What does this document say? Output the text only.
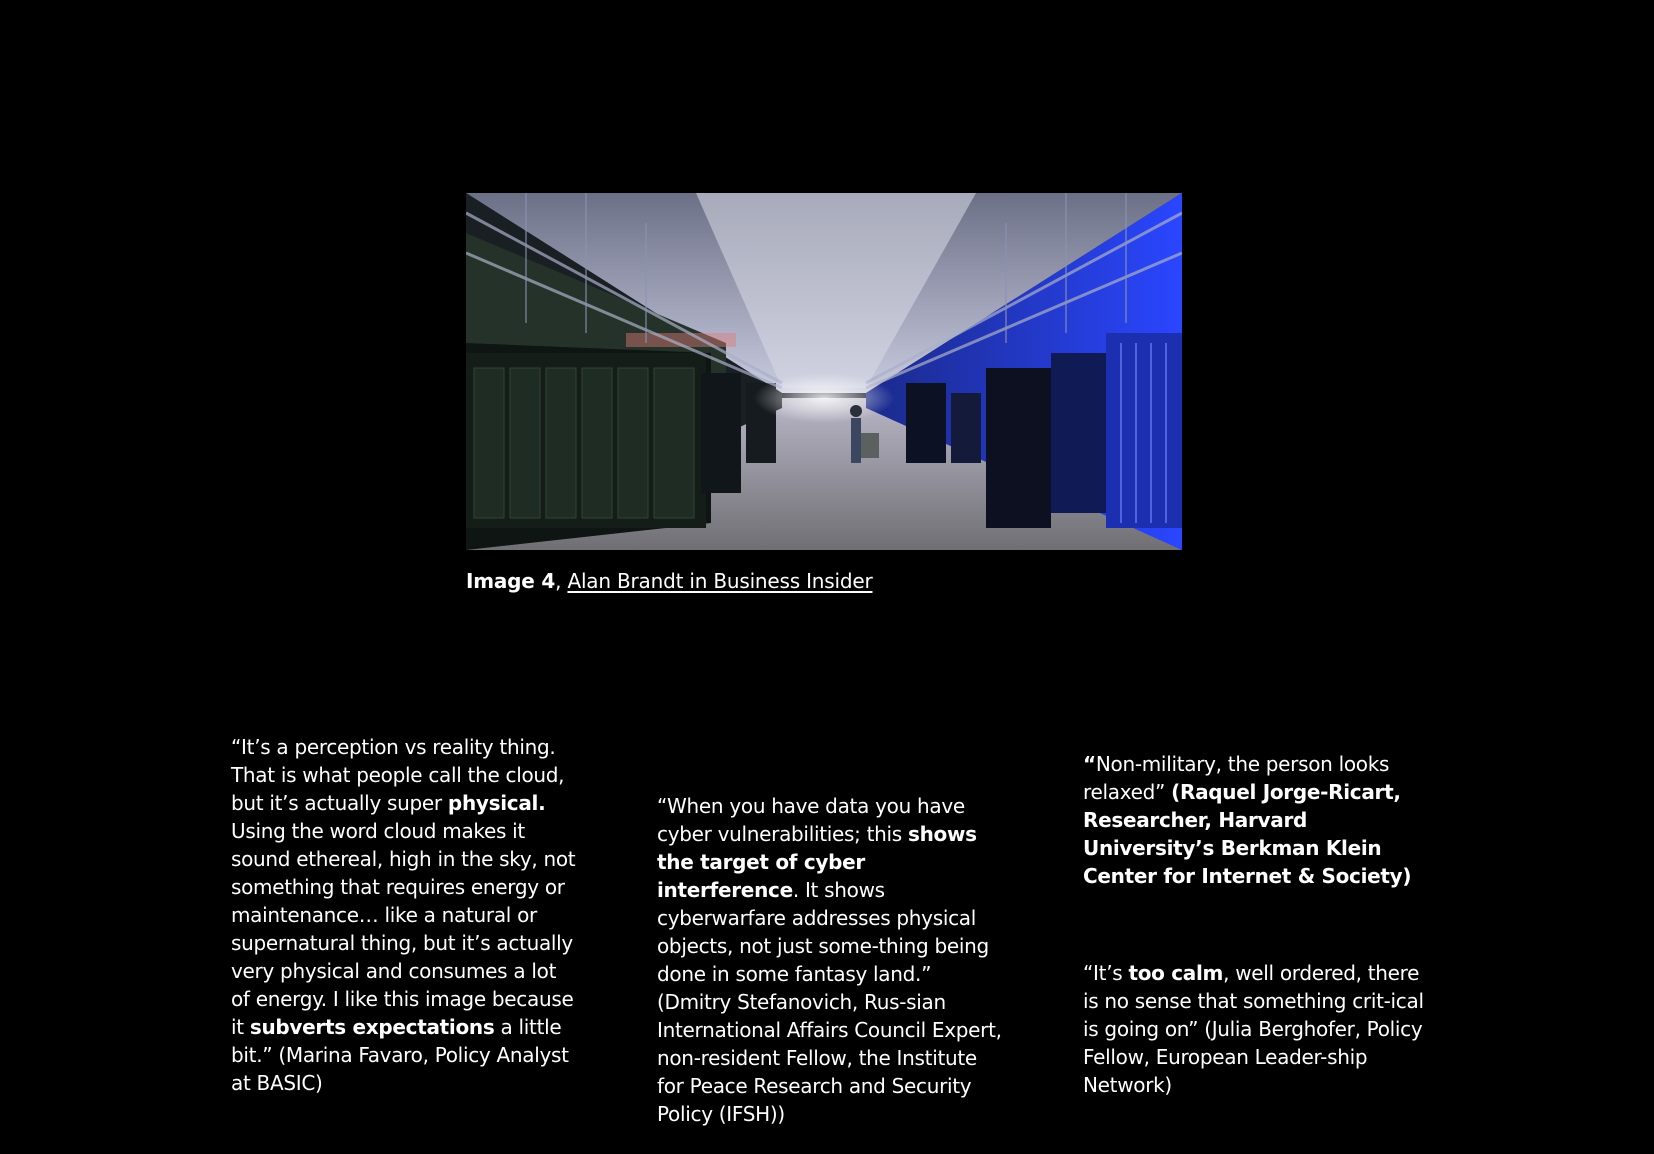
Image 4, Alan Brandt in Business Insider
“It’s a perception vs reality thing. That is what people call the cloud, but it’s actually super physical. Using the word cloud makes it sound ethereal, high in the sky, not something that requires energy or maintenance… like a natural or supernatural thing, but it’s actually very physical and consumes a lot of energy. I like this image because it subverts expectations a little bit.” (Marina Favaro, Policy Analyst at BASIC)
“When you have data you have cyber vulnerabilities; this shows the target of cyber interference. It shows cyberwarfare addresses physical objects, not just some-thing being done in some fantasy land.” (Dmitry Stefanovich, Rus-sian International Affairs Council Expert, non-resident Fellow, the Institute for Peace Research and Security Policy (IFSH))
“Non-military, the person looks relaxed” (Raquel Jorge-Ricart, Researcher, Harvard University’s Berkman Klein Center for Internet & Society)
“It’s too calm, well ordered, there is no sense that something crit-ical is going on” (Julia Berghofer, Policy Fellow, European Leader-ship Network)
